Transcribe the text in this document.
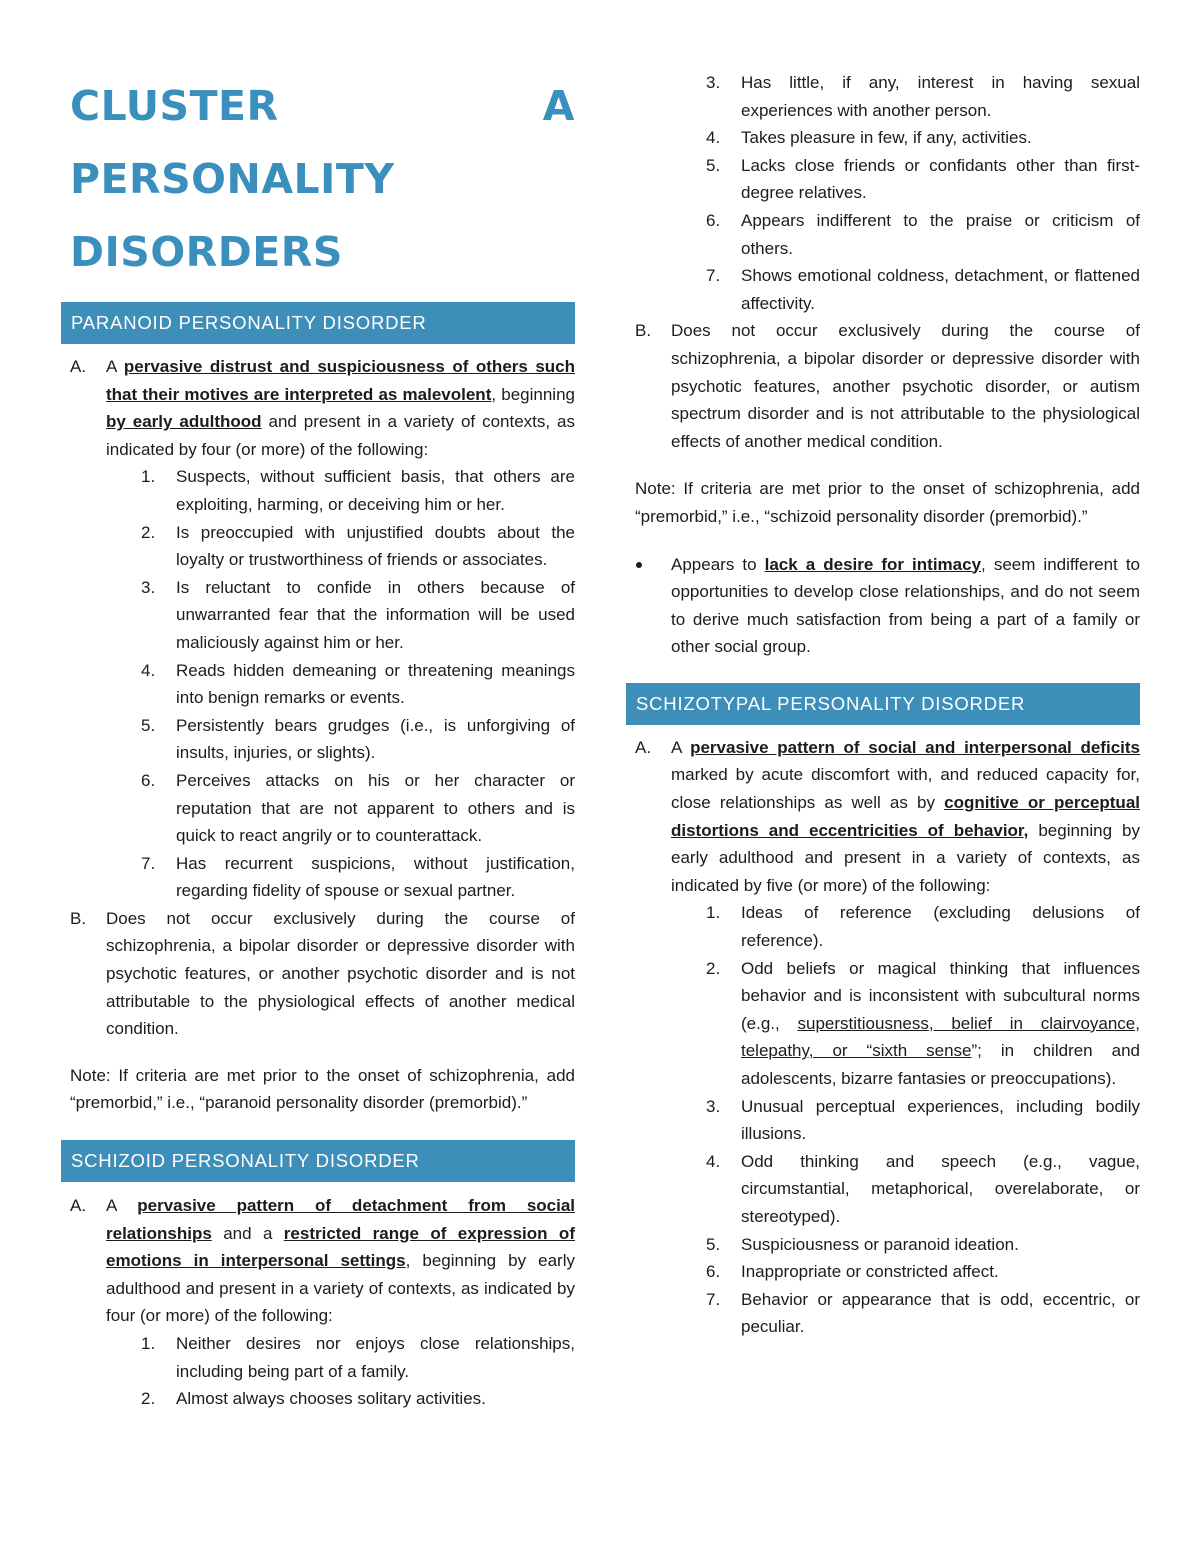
CLUSTER A PERSONALITY
DISORDERS
PARANOID PERSONALITY DISORDER
A. A pervasive distrust and suspiciousness of others such that their motives are interpreted as malevolent, beginning by early adulthood and present in a variety of contexts, as indicated by four (or more) of the following:
1. Suspects, without sufficient basis, that others are exploiting, harming, or deceiving him or her.
2. Is preoccupied with unjustified doubts about the loyalty or trustworthiness of friends or associates.
3. Is reluctant to confide in others because of unwarranted fear that the information will be used maliciously against him or her.
4. Reads hidden demeaning or threatening meanings into benign remarks or events.
5. Persistently bears grudges (i.e., is unforgiving of insults, injuries, or slights).
6. Perceives attacks on his or her character or reputation that are not apparent to others and is quick to react angrily or to counterattack.
7. Has recurrent suspicions, without justification, regarding fidelity of spouse or sexual partner.
B. Does not occur exclusively during the course of schizophrenia, a bipolar disorder or depressive disorder with psychotic features, or another psychotic disorder and is not attributable to the physiological effects of another medical condition.
Note: If criteria are met prior to the onset of schizophrenia, add “premorbid,” i.e., “paranoid personality disorder (premorbid).”
SCHIZOID PERSONALITY DISORDER
A. A pervasive pattern of detachment from social relationships and a restricted range of expression of emotions in interpersonal settings, beginning by early adulthood and present in a variety of contexts, as indicated by four (or more) of the following:
1. Neither desires nor enjoys close relationships, including being part of a family.
2. Almost always chooses solitary activities.
3. Has little, if any, interest in having sexual experiences with another person.
4. Takes pleasure in few, if any, activities.
5. Lacks close friends or confidants other than first-degree relatives.
6. Appears indifferent to the praise or criticism of others.
7. Shows emotional coldness, detachment, or flattened affectivity.
B. Does not occur exclusively during the course of schizophrenia, a bipolar disorder or depressive disorder with psychotic features, another psychotic disorder, or autism spectrum disorder and is not attributable to the physiological effects of another medical condition.
Note: If criteria are met prior to the onset of schizophrenia, add “premorbid,” i.e., “schizoid personality disorder (premorbid).”
Appears to lack a desire for intimacy, seem indifferent to opportunities to develop close relationships, and do not seem to derive much satisfaction from being a part of a family or other social group.
SCHIZOTYPAL PERSONALITY DISORDER
A. A pervasive pattern of social and interpersonal deficits marked by acute discomfort with, and reduced capacity for, close relationships as well as by cognitive or perceptual distortions and eccentricities of behavior, beginning by early adulthood and present in a variety of contexts, as indicated by five (or more) of the following:
1. Ideas of reference (excluding delusions of reference).
2. Odd beliefs or magical thinking that influences behavior and is inconsistent with subcultural norms (e.g., superstitiousness, belief in clairvoyance, telepathy, or “sixth sense”; in children and adolescents, bizarre fantasies or preoccupations).
3. Unusual perceptual experiences, including bodily illusions.
4. Odd thinking and speech (e.g., vague, circumstantial, metaphorical, overelaborate, or stereotyped).
5. Suspiciousness or paranoid ideation.
6. Inappropriate or constricted affect.
7. Behavior or appearance that is odd, eccentric, or peculiar.
